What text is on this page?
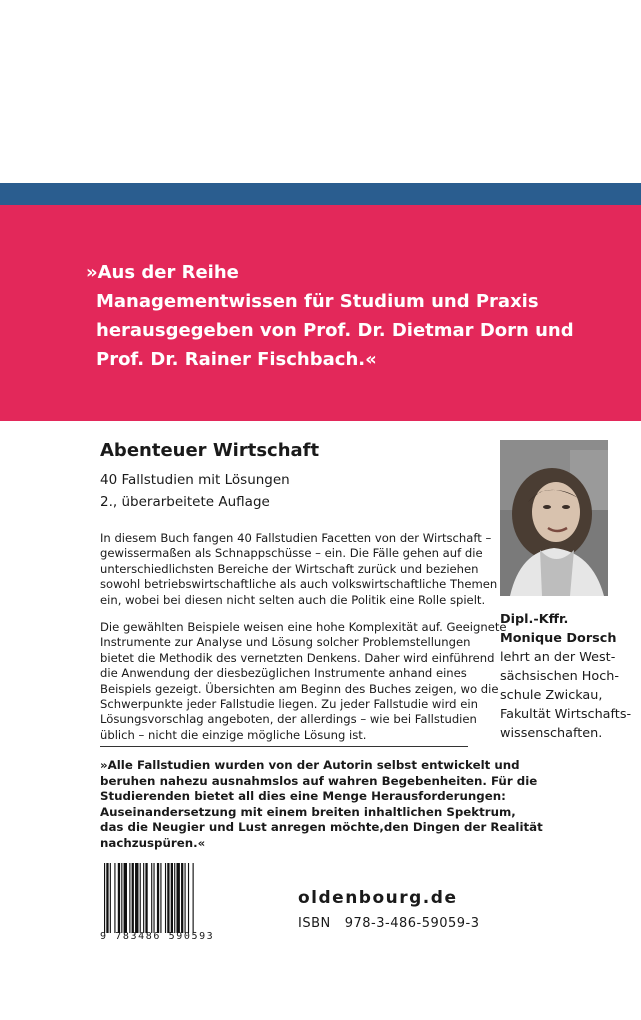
»Aus der Reihe
Managementwissen für Studium und Praxis
herausgegeben von Prof. Dr. Dietmar Dorn und
Prof. Dr. Rainer Fischbach.«
Abenteuer Wirtschaft
40 Fallstudien mit Lösungen
2., überarbeitete Auflage
In diesem Buch fangen 40 Fallstudien Facetten von der Wirtschaft –
gewissermaßen als Schnappschüsse – ein. Die Fälle gehen auf die
unterschiedlichsten Bereiche der Wirtschaft zurück und beziehen
sowohl betriebswirtschaftliche als auch volkswirtschaftliche Themen
ein, wobei bei diesen nicht selten auch die Politik eine Rolle spielt.
Die gewählten Beispiele weisen eine hohe Komplexität auf. Geeignete
Instrumente zur Analyse und Lösung solcher Problemstellungen
bietet die Methodik des vernetzten Denkens. Daher wird einführend
die Anwendung der diesbezüglichen Instrumente anhand eines
Beispiels gezeigt. Übersichten am Beginn des Buches zeigen, wo die
Schwerpunkte jeder Fallstudie liegen. Zu jeder Fallstudie wird ein
Lösungsvorschlag angeboten, der allerdings – wie bei Fallstudien
üblich – nicht die einzige mögliche Lösung ist.
»Alle Fallstudien wurden von der Autorin selbst entwickelt und
beruhen nahezu ausnahmslos auf wahren Begebenheiten. Für die
Studierenden bietet all dies eine Menge Herausforderungen:
Auseinandersetzung mit einem breiten inhaltlichen Spektrum,
das die Neugier und Lust anregen möchte,den Dingen der Realität
nachzuspüren.«
Dipl.-Kffr.
Monique Dorsch
lehrt an der West-
sächsischen Hoch-
schule Zwickau,
Fakultät Wirtschafts-
wissenschaften.
9 783486 590593
oldenbourg.de
ISBN 978-3-486-59059-3
